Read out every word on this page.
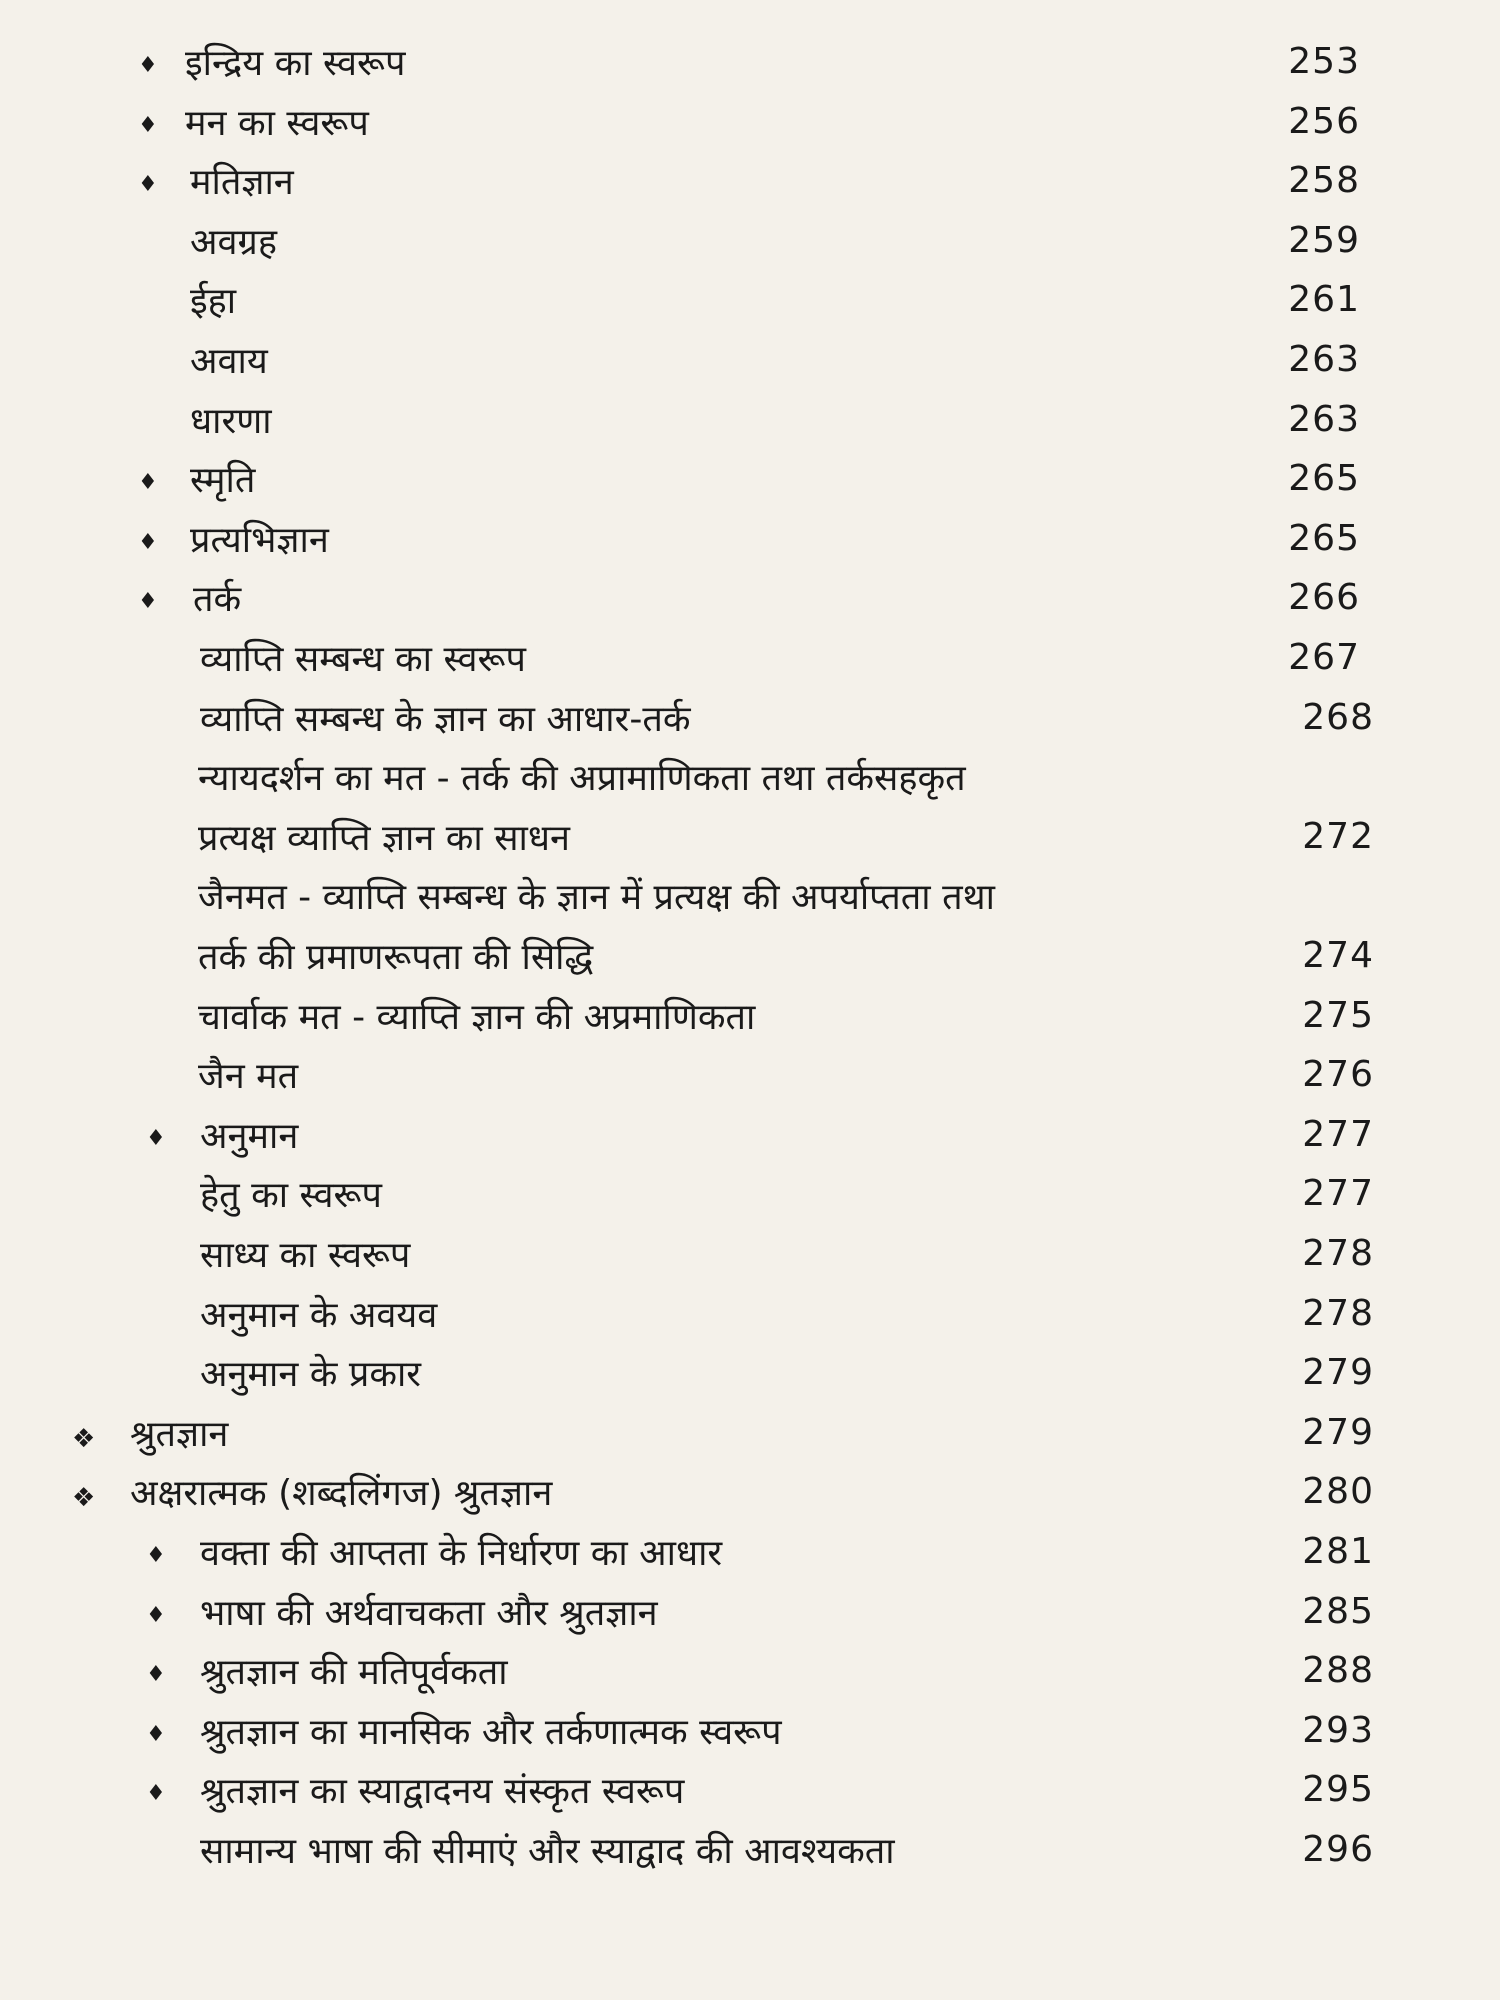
♦ इन्द्रिय का स्वरूप	253
♦ मन का स्वरूप	256
♦ मतिज्ञान	258
अवग्रह	259
ईहा	261
अवाय	263
धारणा	263
♦ स्मृति	265
♦ प्रत्यभिज्ञान	265
♦ तर्क	266
व्याप्ति सम्बन्ध का स्वरूप	267
व्याप्ति सम्बन्ध के ज्ञान का आधार-तर्क	268
न्यायदर्शन का मत - तर्क की अप्रामाणिकता तथा तर्कसहकृत
प्रत्यक्ष व्याप्ति ज्ञान का साधन	272
जैनमत - व्याप्ति सम्बन्ध के ज्ञान में प्रत्यक्ष की अपर्याप्तता तथा
तर्क की प्रमाणरूपता की सिद्धि	274
चार्वाक मत - व्याप्ति ज्ञान की अप्रमाणिकता	275
जैन मत	276
♦ अनुमान	277
हेतु का स्वरूप	277
साध्य का स्वरूप	278
अनुमान के अवयव	278
अनुमान के प्रकार	279
❖ श्रुतज्ञान	279
❖ अक्षरात्मक (शब्दलिंगज) श्रुतज्ञान	280
♦ वक्ता की आप्तता के निर्धारण का आधार	281
♦ भाषा की अर्थवाचकता और श्रुतज्ञान	285
♦ श्रुतज्ञान की मतिपूर्वकता	288
♦ श्रुतज्ञान का मानसिक और तर्कणात्मक स्वरूप	293
♦ श्रुतज्ञान का स्याद्वादनय संस्कृत स्वरूप	295
सामान्य भाषा की सीमाएं और स्याद्वाद की आवश्यकता	296
